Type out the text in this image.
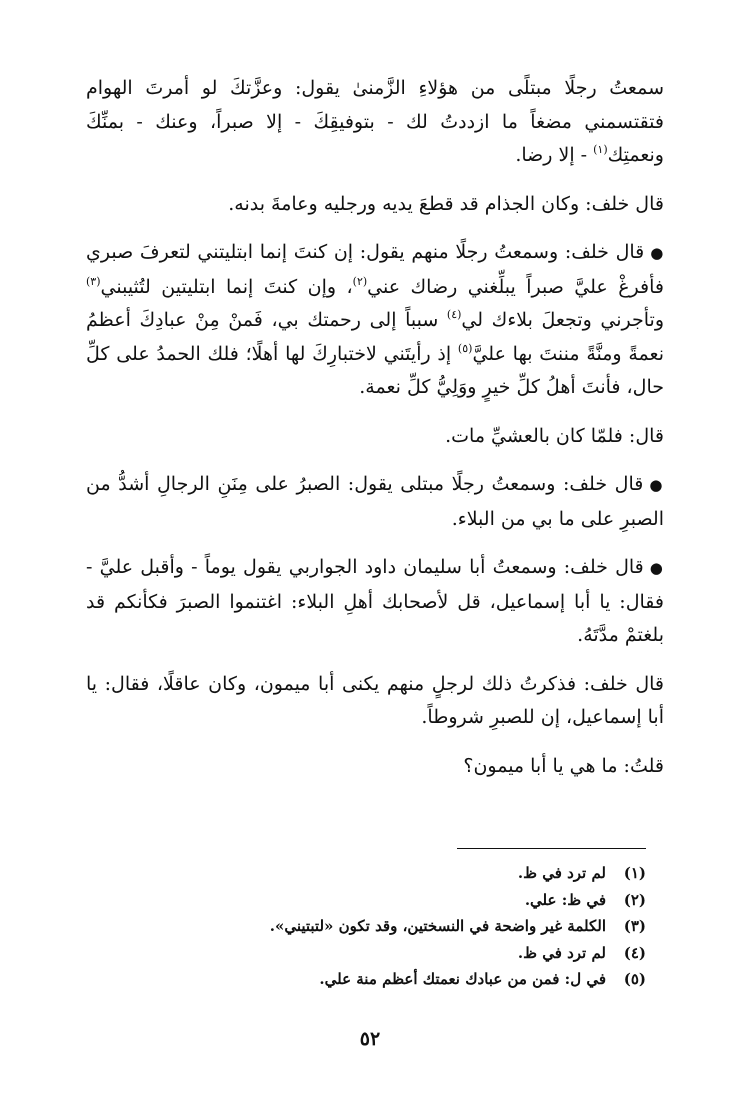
سمعتُ رجلًا مبتلًى من هؤلاءِ الزَّمنىٰ يقول: وعزَّتكَ لو أمرتَ الهوام فتقتسمني مضغاً ما ازددتُ لك - بتوفيقِكَ - إلا صبراً، وعنك - بمنِّكَ ونعمتِك$^{(١)}$ - إلا رضا.

قال خلف: وكان الجذام قد قطعَ يديه ورجليه وعامةَ بدنه.

●قال خلف: وسمعتُ رجلًا منهم يقول: إن كنتَ إنما ابتليتني لتعرفَ صبري فأفرغْ عليَّ صبراً يبلِّغني رضاك عني$^{(٢)}$، وإن كنتَ إنما ابتليتين لتُثيبني$^{(٣)}$ وتأجرني وتجعلَ بلاءك لي$^{(٤)}$ سبباً إلى رحمتك بي، فَمنْ مِنْ عبادِكَ أعظمُ نعمةً ومنَّةً مننتَ بها عليَّ$^{(٥)}$ إذ رأيتَني لاختبارِكَ لها أهلًا؛ فلك الحمدُ على كلِّ حال، فأنتَ أهلُ كلِّ خيرٍ ووَلِيُّ كلِّ نعمة.

قال: فلمّا كان بالعشيِّ مات.

●قال خلف: وسمعتُ رجلًا مبتلى يقول: الصبرُ على مِنَنِ الرجالِ أشدُّ من الصبرِ على ما بي من البلاء.

●قال خلف: وسمعتُ أبا سليمان داود الجواربي يقول يوماً - وأقبل عليَّ - فقال: يا أبا إسماعيل، قل لأصحابك أهلِ البلاء: اغتنموا الصبرَ فكأنكم قد بلغتمْ مدَّتَهُ.

قال خلف: فذكرتُ ذلك لرجلٍ منهم يكنى أبا ميمون، وكان عاقلًا، فقال: يا أبا إسماعيل، إن للصبرِ شروطاً.

قلتُ: ما هي يا أبا ميمون؟

(١)
لم ترد في ظ.
(٢)
في ظ: علي.
(٣)
الكلمة غير واضحة في النسختين، وقد تكون «لتبتيني».
(٤)
لم ترد في ظ.
(٥)
في ل: فمن من عبادك نعمتك أعظم منة علي.
٥٢
